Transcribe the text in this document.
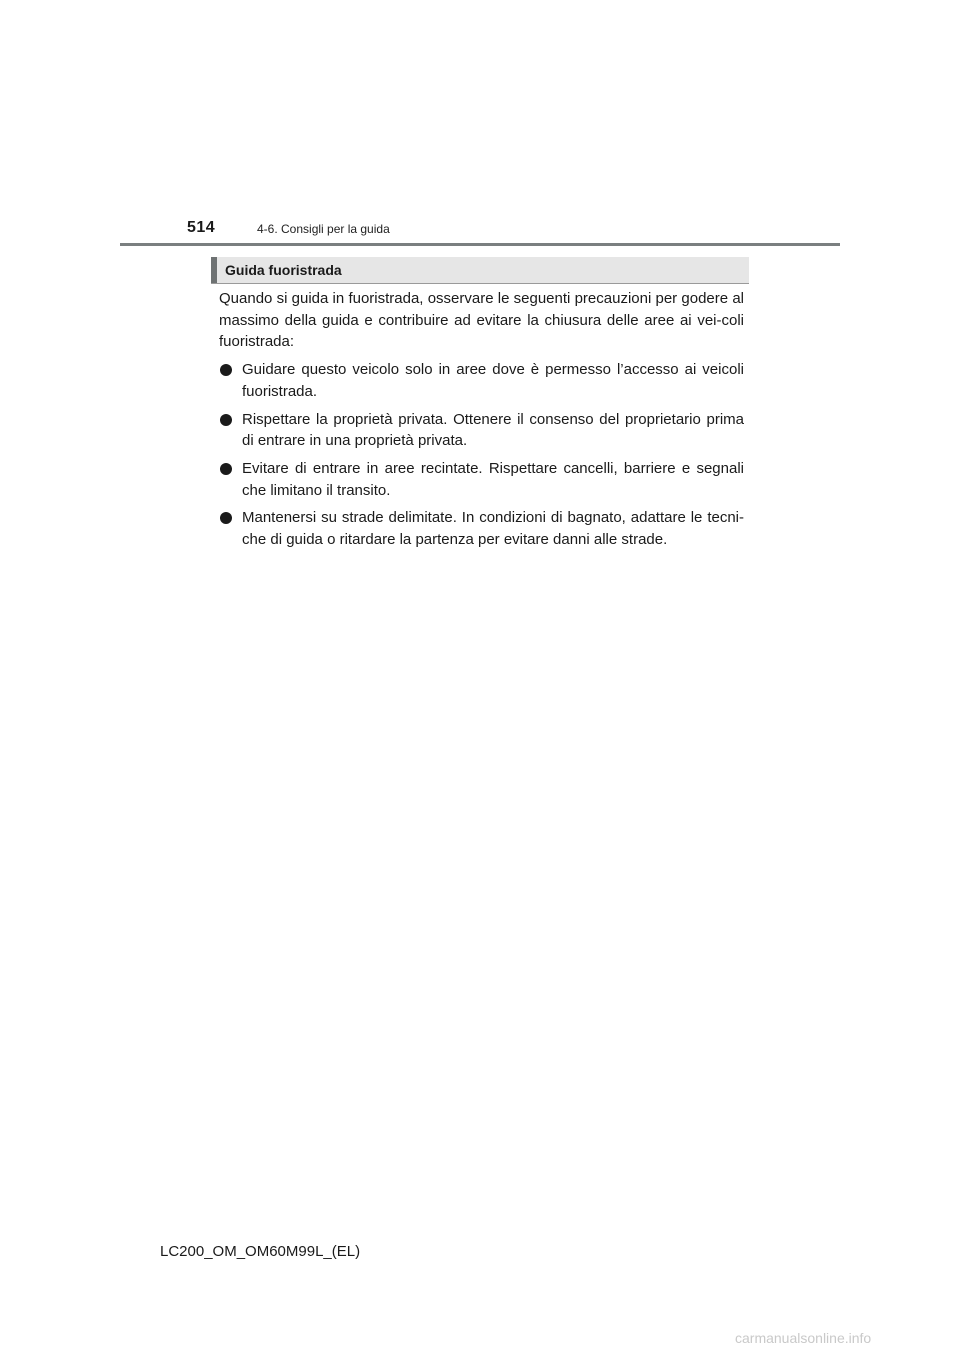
514	4-6. Consigli per la guida
Guida fuoristrada

Quando si guida in fuoristrada, osservare le seguenti precauzioni per godere al massimo della guida e contribuire ad evitare la chiusura delle aree ai vei-coli fuoristrada:

Guidare questo veicolo solo in aree dove è permesso l’accesso ai veicoli fuoristrada.
Rispettare la proprietà privata. Ottenere il consenso del proprietario prima di entrare in una proprietà privata.
Evitare di entrare in aree recintate. Rispettare cancelli, barriere e segnali che limitano il transito.
Mantenersi su strade delimitate. In condizioni di bagnato, adattare le tecni-che di guida o ritardare la partenza per evitare danni alle strade.
LC200_OM_OM60M99L_(EL)
carmanualsonline.info
